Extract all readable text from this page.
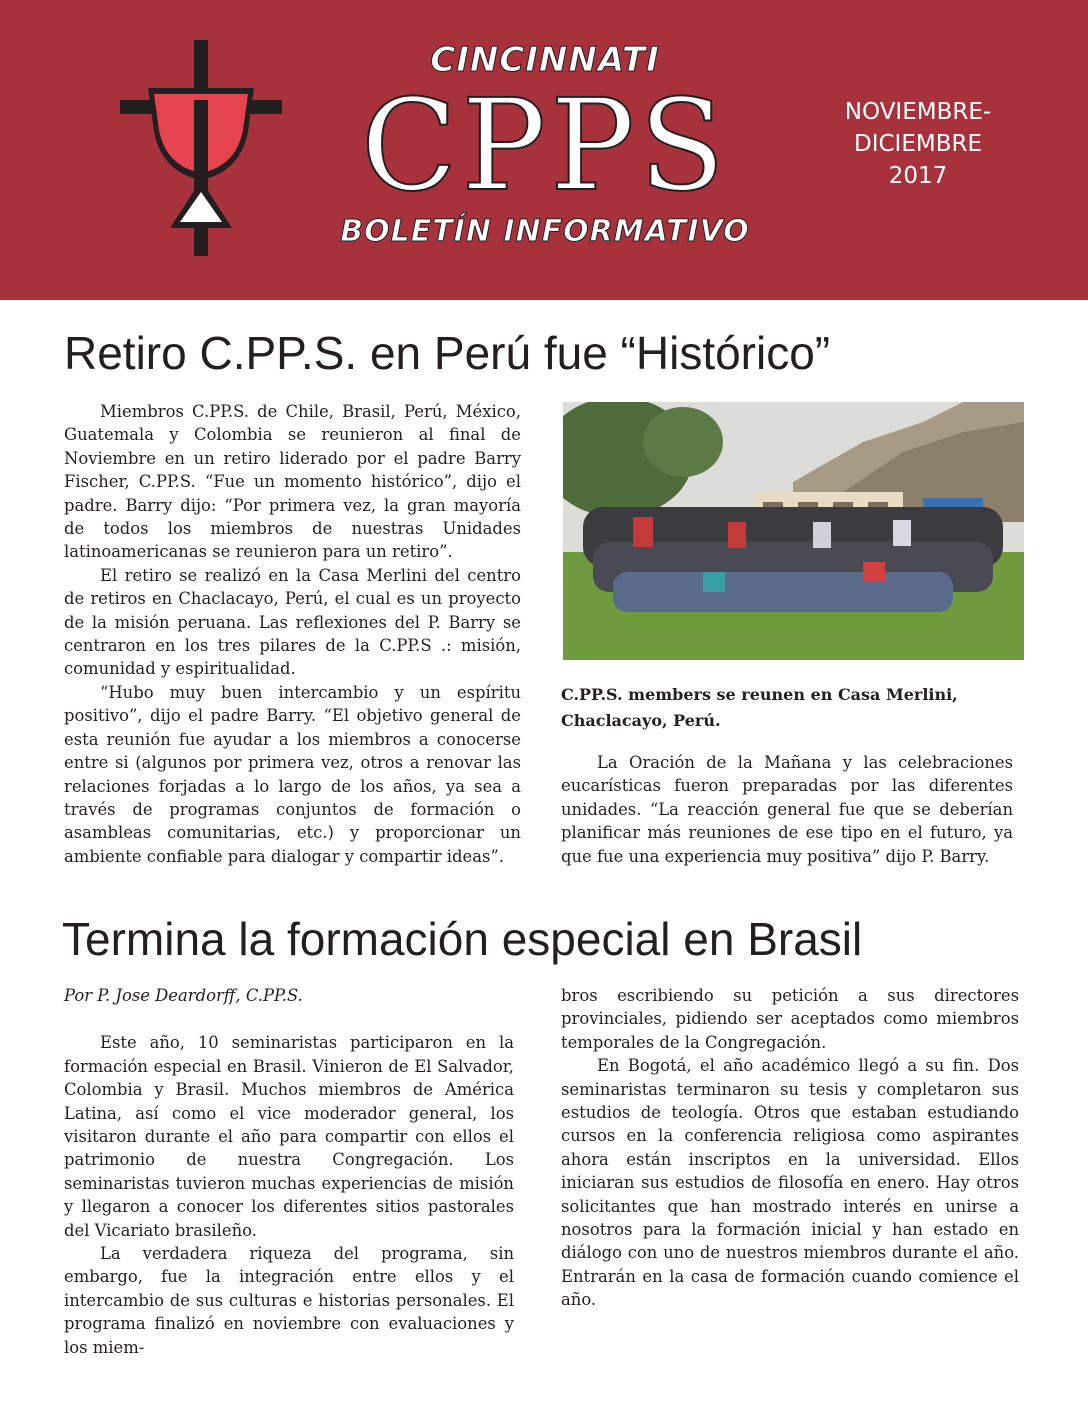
CINCINNATI
CPPS
BOLETÍN INFORMATIVO
NOVIEMBRE-
DICIEMBRE
2017
Retiro C.PP.S. en Perú fue “Histórico”

Miembros C.PP.S. de Chile, Brasil, Perú, México, Guatemala y Colombia se reunieron al final de Noviembre en un retiro liderado por el padre Barry Fischer, C.PP.S. “Fue un momento histórico”, dijo el padre. Barry dijo: “Por primera vez, la gran mayoría de todos los miembros de nuestras Unidades latinoamericanas se reunieron para un retiro”.

El retiro se realizó en la Casa Merlini del centro de retiros en Chaclacayo, Perú, el cual es un proyecto de la misión peruana. Las reflexiones del P. Barry se centraron en los tres pilares de la C.PP.S .: misión, comunidad y espiritualidad.

“Hubo muy buen intercambio y un espíritu positivo”, dijo el padre Barry. “El objetivo general de esta reunión fue ayudar a los miembros a conocerse entre si (algunos por primera vez, otros a renovar las relaciones forjadas a lo largo de los años, ya sea a través de programas conjuntos de formación o asambleas comunitarias, etc.) y proporcionar un ambiente confiable para dialogar y compartir ideas”.

C.PP.S. members se reunen en Casa Merlini, Chaclacayo, Perú.

La Oración de la Mañana y las celebraciones eucarísticas fueron preparadas por las diferentes unidades. “La reacción general fue que se deberían planificar más reuniones de ese tipo en el futuro, ya que fue una experiencia muy positiva” dijo P. Barry.

Termina la formación especial en Brasil

Por P. Jose Deardorff, C.PP.S.

Este año, 10 seminaristas participaron en la formación especial en Brasil. Vinieron de El Salvador, Colombia y Brasil. Muchos miembros de América Latina, así como el vice moderador general, los visitaron durante el año para compartir con ellos el patrimonio de nuestra Congregación. Los seminaristas tuvieron muchas experiencias de misión y llegaron a conocer los diferentes sitios pastorales del Vicariato brasileño.

La verdadera riqueza del programa, sin embargo, fue la integración entre ellos y el intercambio de sus culturas e historias personales. El programa finalizó en noviembre con evaluaciones y los miem-

bros escribiendo su petición a sus directores provinciales, pidiendo ser aceptados como miembros temporales de la Congregación.

En Bogotá, el año académico llegó a su fin. Dos seminaristas terminaron su tesis y completaron sus estudios de teología. Otros que estaban estudiando cursos en la conferencia religiosa como aspirantes ahora están inscriptos en la universidad. Ellos iniciaran sus estudios de filosofía en enero. Hay otros solicitantes que han mostrado interés en unirse a nosotros para la formación inicial y han estado en diálogo con uno de nuestros miembros durante el año. Entrarán en la casa de formación cuando comience el año.
